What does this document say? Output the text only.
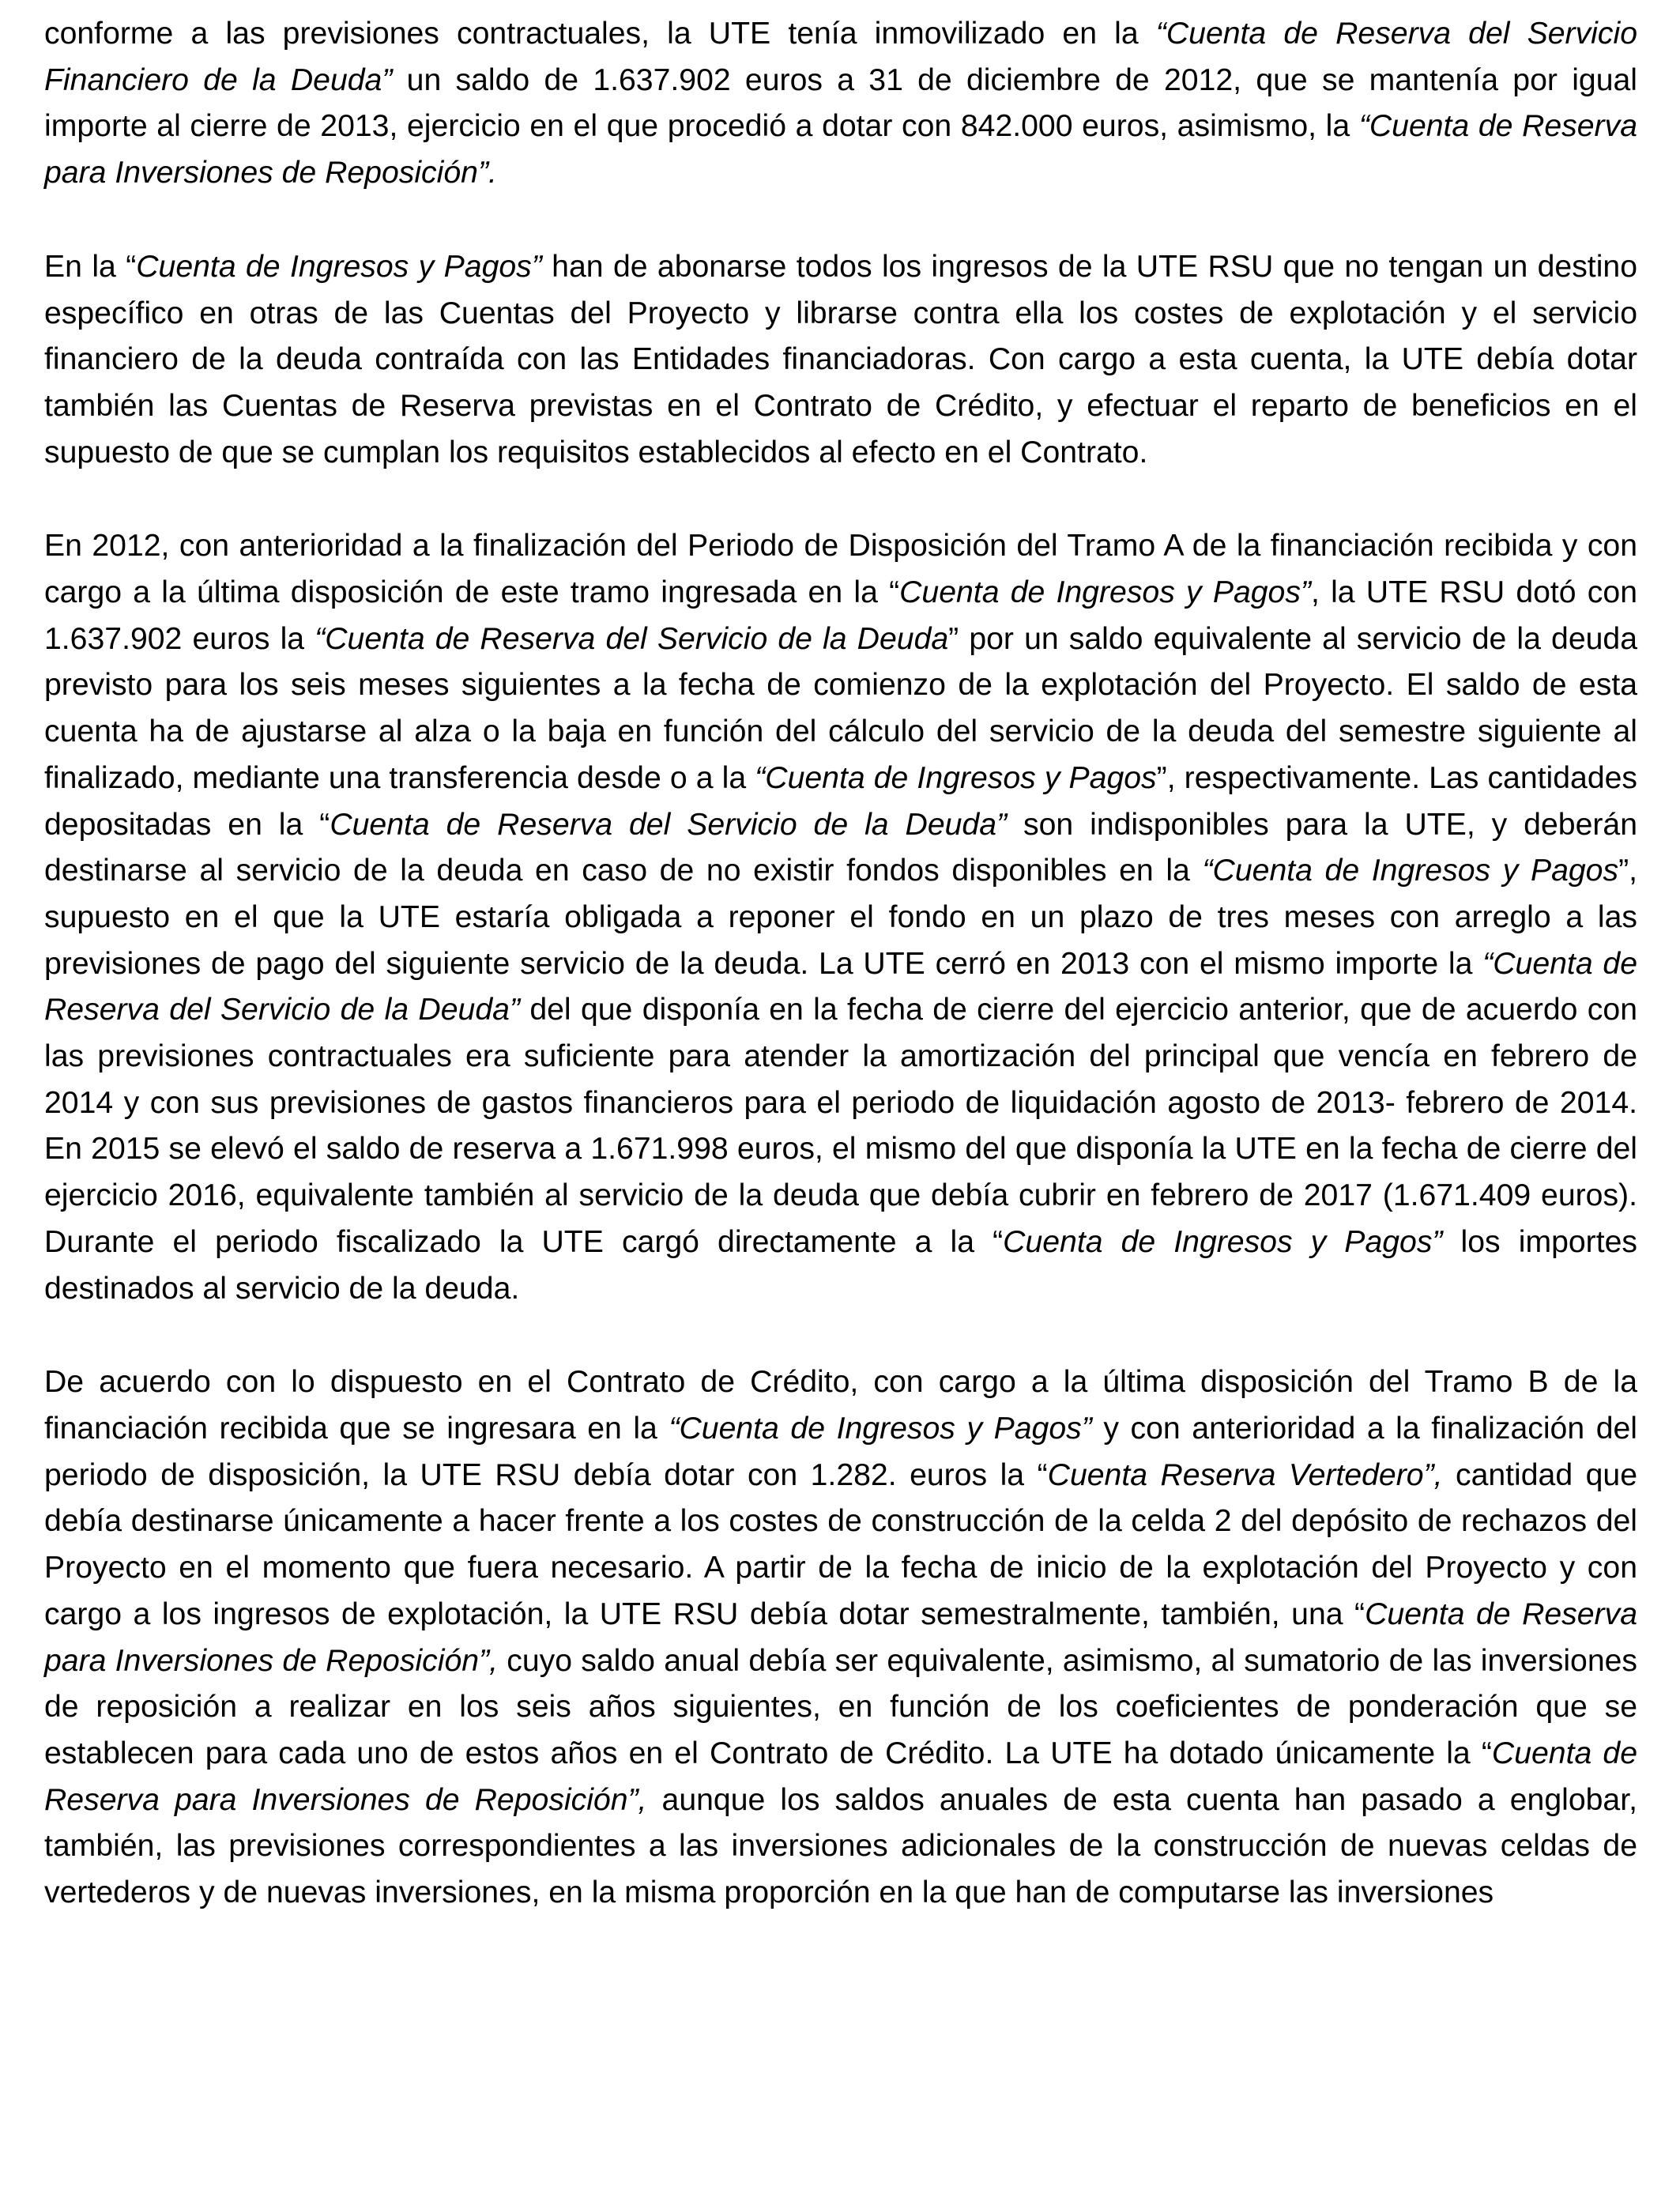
conforme a las previsiones contractuales, la UTE tenía inmovilizado en la “Cuenta de Reserva del Servicio Financiero de la Deuda” un saldo de 1.637.902 euros a 31 de diciembre de 2012, que se mantenía por igual importe al cierre de 2013, ejercicio en el que procedió a dotar con 842.000 euros, asimismo, la “Cuenta de Reserva para Inversiones de Reposición”.

En la “Cuenta de Ingresos y Pagos” han de abonarse todos los ingresos de la UTE RSU que no tengan un destino específico en otras de las Cuentas del Proyecto y librarse contra ella los costes de explotación y el servicio financiero de la deuda contraída con las Entidades financiadoras. Con cargo a esta cuenta, la UTE debía dotar también las Cuentas de Reserva previstas en el Contrato de Crédito, y efectuar el reparto de beneficios en el supuesto de que se cumplan los requisitos establecidos al efecto en el Contrato.

En 2012, con anterioridad a la finalización del Periodo de Disposición del Tramo A de la financiación recibida y con cargo a la última disposición de este tramo ingresada en la “Cuenta de Ingresos y Pagos”, la UTE RSU dotó con 1.637.902 euros la “Cuenta de Reserva del Servicio de la Deuda” por un saldo equivalente al servicio de la deuda previsto para los seis meses siguientes a la fecha de comienzo de la explotación del Proyecto. El saldo de esta cuenta ha de ajustarse al alza o la baja en función del cálculo del servicio de la deuda del semestre siguiente al finalizado, mediante una transferencia desde o a la “Cuenta de Ingresos y Pagos”, respectivamente. Las cantidades depositadas en la “Cuenta de Reserva del Servicio de la Deuda” son indisponibles para la UTE, y deberán destinarse al servicio de la deuda en caso de no existir fondos disponibles en la “Cuenta de Ingresos y Pagos”, supuesto en el que la UTE estaría obligada a reponer el fondo en un plazo de tres meses con arreglo a las previsiones de pago del siguiente servicio de la deuda. La UTE cerró en 2013 con el mismo importe la “Cuenta de Reserva del Servicio de la Deuda” del que disponía en la fecha de cierre del ejercicio anterior, que de acuerdo con las previsiones contractuales era suficiente para atender la amortización del principal que vencía en febrero de 2014 y con sus previsiones de gastos financieros para el periodo de liquidación agosto de 2013- febrero de 2014. En 2015 se elevó el saldo de reserva a 1.671.998 euros, el mismo del que disponía la UTE en la fecha de cierre del ejercicio 2016, equivalente también al servicio de la deuda que debía cubrir en febrero de 2017 (1.671.409 euros). Durante el periodo fiscalizado la UTE cargó directamente a la “Cuenta de Ingresos y Pagos” los importes destinados al servicio de la deuda.

De acuerdo con lo dispuesto en el Contrato de Crédito, con cargo a la última disposición del Tramo B de la financiación recibida que se ingresara en la “Cuenta de Ingresos y Pagos” y con anterioridad a la finalización del periodo de disposición, la UTE RSU debía dotar con 1.282. euros la “Cuenta Reserva Vertedero”, cantidad que debía destinarse únicamente a hacer frente a los costes de construcción de la celda 2 del depósito de rechazos del Proyecto en el momento que fuera necesario. A partir de la fecha de inicio de la explotación del Proyecto y con cargo a los ingresos de explotación, la UTE RSU debía dotar semestralmente, también, una “Cuenta de Reserva para Inversiones de Reposición”, cuyo saldo anual debía ser equivalente, asimismo, al sumatorio de las inversiones de reposición a realizar en los seis años siguientes, en función de los coeficientes de ponderación que se establecen para cada uno de estos años en el Contrato de Crédito. La UTE ha dotado únicamente la “Cuenta de Reserva para Inversiones de Reposición”, aunque los saldos anuales de esta cuenta han pasado a englobar, también, las previsiones correspondientes a las inversiones adicionales de la construcción de nuevas celdas de vertederos y de nuevas inversiones, en la misma proporción en la que han de computarse las inversiones
